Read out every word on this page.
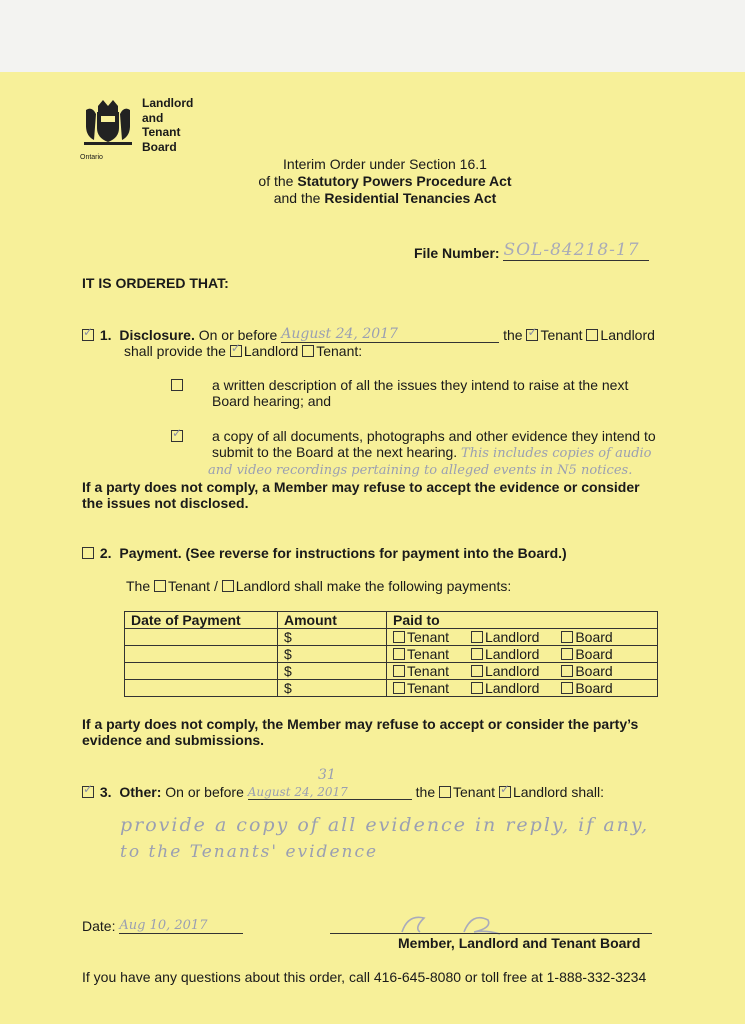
Landlord
and
Tenant
Board
Ontario	Interim Order under Section 16.1
of the Statutory Powers Procedure Act
and the Residential Tenancies Act
File Number: SOL-84218-17
IT IS ORDERED THAT:
✓ 1. Disclosure. On or before August 24, 2017	the ✓ Tenant Landlord
shall provide the ✓ Landlord Tenant:
a written description of all the issues they intend to raise at the next
Board hearing; and
✓
a copy of all documents, photographs and other evidence they intend to
submit to the Board at the next hearing. This includes copies of audio
and video recordings pertaining to alleged events in N5 notices.
If a party does not comply, a Member may refuse to accept the evidence or consider
the issues not disclosed.
2. Payment. (See reverse for instructions for payment into the Board.)
The Tenant / Landlord shall make the following payments:
Date of Payment	Amount	Paid to
	$	Tenant Landlord Board
	$	Tenant Landlord Board
	$	Tenant Landlord Board
	$	Tenant Landlord Board
If a party does not comply, the Member may refuse to accept or consider the party’s
evidence and submissions.
31
✓ 3. Other: On or before August 24, 2017	the Tenant ✓ Landlord shall:
provide a copy of all evidence in reply, if any,
to the Tenants' evidence
Date: Aug 10, 2017
Member, Landlord and Tenant Board
If you have any questions about this order, call 416-645-8080 or toll free at 1-888-332-3234
